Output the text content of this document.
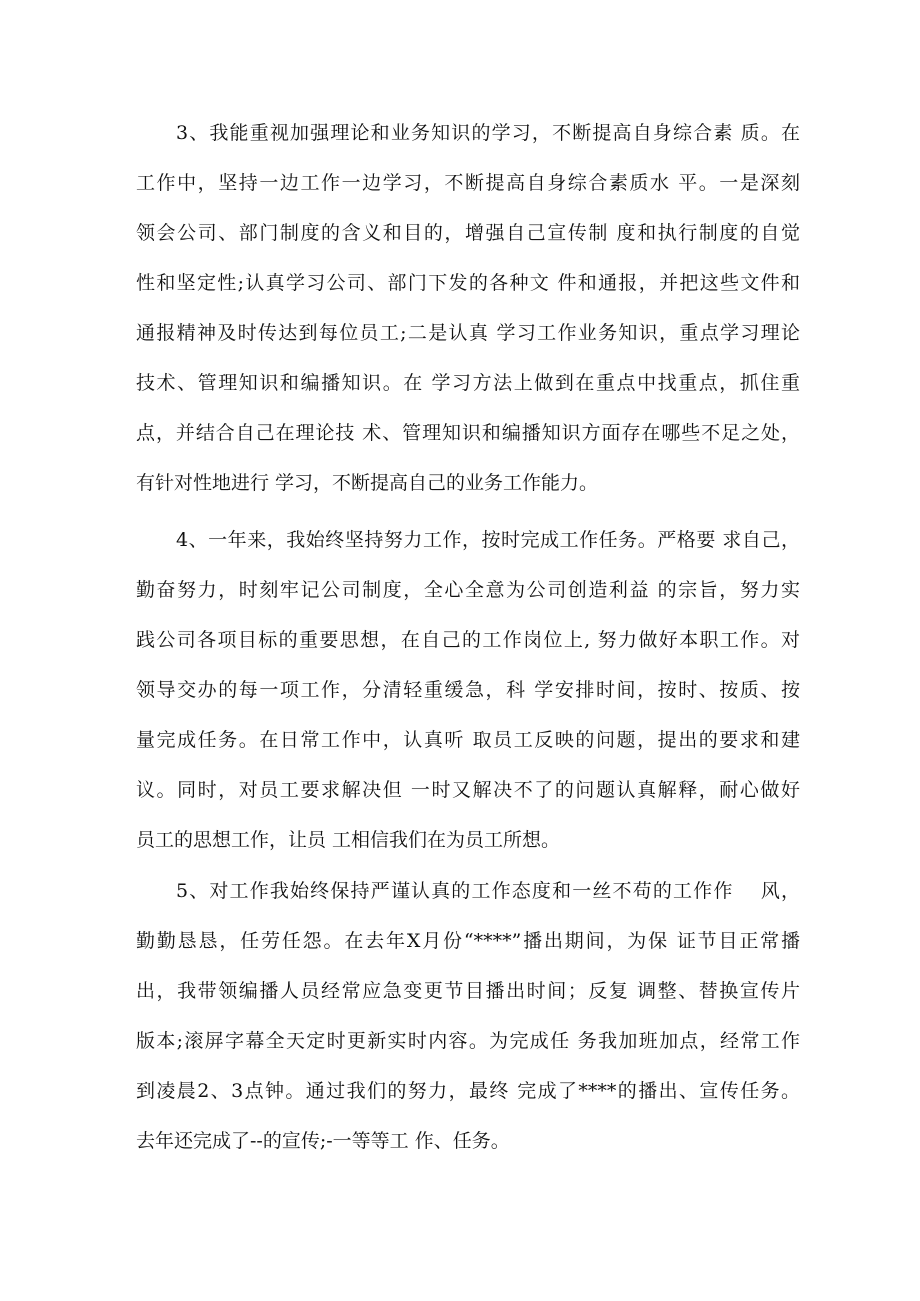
3、我能重视加强理论和业务知识的学习，不断提高自身综合素 质。在
工作中，坚持一边工作一边学习，不断提高自身综合素质水 平。一是深刻
领会公司、部门制度的含义和目的，增强自己宣传制 度和执行制度的自觉
性和坚定性;认真学习公司、部门下发的各种文 件和通报，并把这些文件和
通报精神及时传达到每位员工;二是认真 学习工作业务知识，重点学习理论
技术、管理知识和编播知识。在 学习方法上做到在重点中找重点，抓住重
点，并结合自己在理论技 术、管理知识和编播知识方面存在哪些不足之处，
有针对性地进行 学习，不断提高自己的业务工作能力。
4、一年来，我始终坚持努力工作，按时完成工作任务。严格要 求自己，
勤奋努力，时刻牢记公司制度，全心全意为公司创造利益 的宗旨，努力实
践公司各项目标的重要思想，在自己的工作岗位上, 努力做好本职工作。对
领导交办的每一项工作，分清轻重缓急，科 学安排时间，按时、按质、按
量完成任务。在日常工作中，认真听 取员工反映的问题，提出的要求和建
议。同时，对员工要求解决但 一时又解决不了的问题认真解释，耐心做好
员工的思想工作，让员 工相信我们在为员工所想。
5、对工作我始终保持严谨认真的工作态度和一丝不苟的工作作　 风，
勤勤恳恳，任劳任怨。在去年X月份“****”播出期间，为保 证节目正常播
出，我带领编播人员经常应急变更节目播出时间；反复 调整、替换宣传片
版本;滚屏字幕全天定时更新实时内容。为完成任 务我加班加点，经常工作
到凌晨2、3点钟。通过我们的努力，最终 完成了****的播出、宣传任务。
去年还完成了--的宣传;-一等等工 作、任务。
